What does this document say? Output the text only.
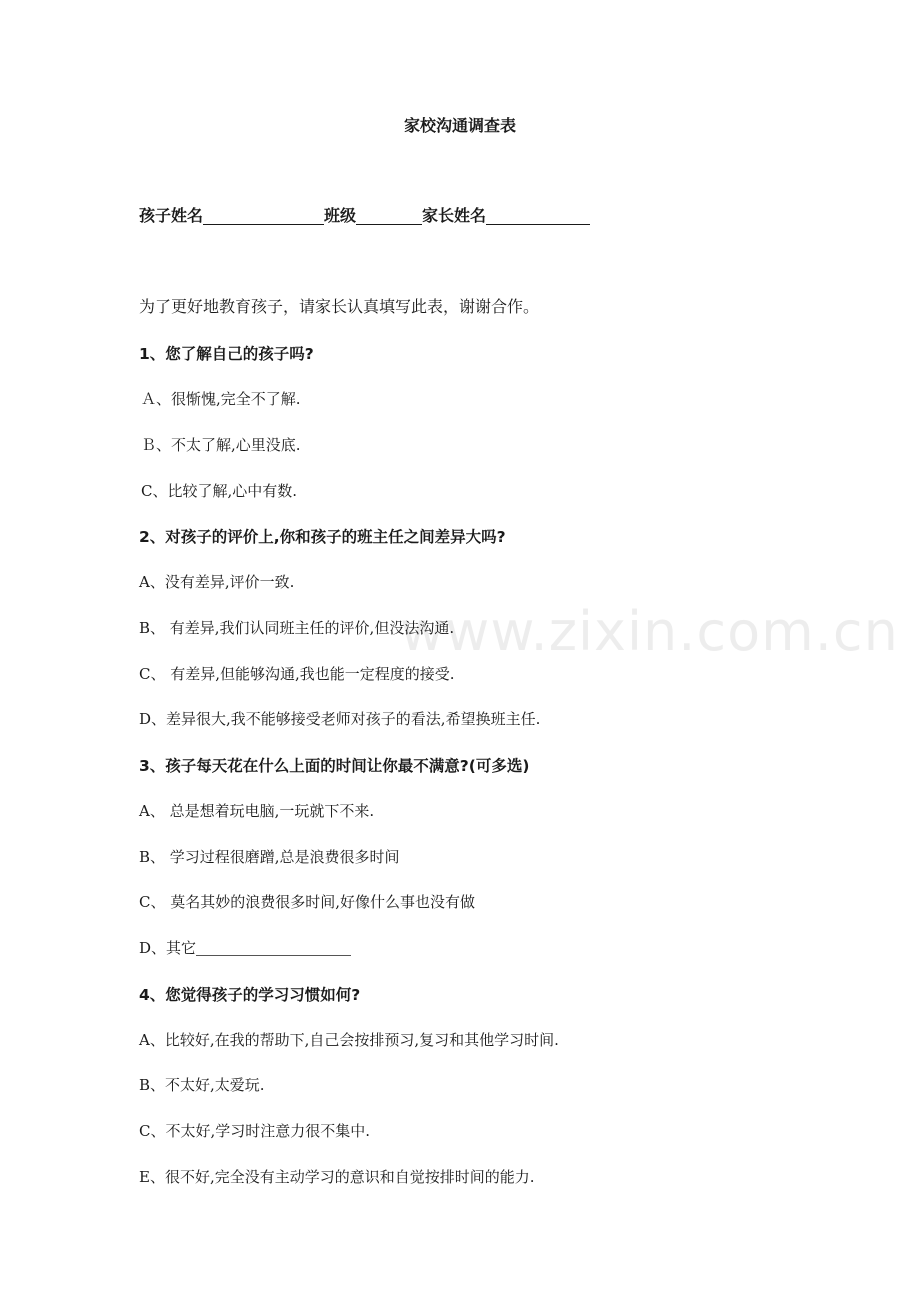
www.zixin.com.cn
家校沟通调查表
孩子姓名	班级	家长姓名
为了更好地教育孩子，请家长认真填写此表，谢谢合作。
1、您了解自己的孩子吗?
Ａ、很惭愧,完全不了解.
Ｂ、不太了解,心里没底.
C、比较了解,心中有数.
2、对孩子的评价上,你和孩子的班主任之间差异大吗?
A、没有差异,评价一致.
B、 有差异,我们认同班主任的评价,但没法沟通.
C、 有差异,但能够沟通,我也能一定程度的接受.
D、差异很大,我不能够接受老师对孩子的看法,希望换班主任.
3、孩子每天花在什么上面的时间让你最不满意?(可多选)
A、 总是想着玩电脑,一玩就下不来.
B、 学习过程很磨蹭,总是浪费很多时间
C、 莫名其妙的浪费很多时间,好像什么事也没有做
D、其它
4、您觉得孩子的学习习惯如何?
A、比较好,在我的帮助下,自己会按排预习,复习和其他学习时间.
B、不太好,太爱玩.
C、不太好,学习时注意力很不集中.
E、很不好,完全没有主动学习的意识和自觉按排时间的能力.
